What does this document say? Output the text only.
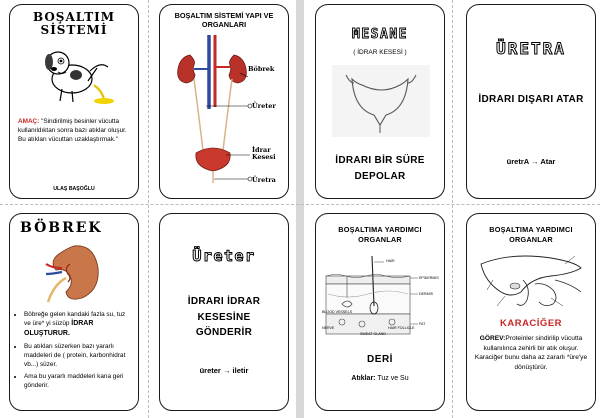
BOŞALTIM
SİSTEMİ
AMAÇ: "Sindirilmiş besinler vücutta kullanıldıktan sonra bazı atıklar oluşur. Bu atıkları vücuttan uzaklaştırmak."
ULAŞ BAŞOĞLU
BOŞALTIM SİSTEMİ YAPI VE ORGANLARI
Böbrek
Üreter
İdrar Kesesi
Üretra
BÖBREK
• Böbreğe gelen kandaki fazla su, tuz ve üre* yi süzüp İDRAR OLUŞTURUR.
• Bu atıkları süzerken bazı yararlı maddeleri de ( protein, karbonhidrat vb...) süzer.
• Ama bu yararlı maddeleri kana geri gönderir.
Üreter
İDRARI İDRAR KESESİNE GÖNDERİR
üreter → iletir
MESANE
( İDRAR KESESİ )
İDRARI BİR SÜRE DEPOLAR
ÜRETRA
İDRARI DIŞARI ATAR
üretrA → Atar
BOŞALTIMA YARDIMCI ORGANLAR
HAIR
EPIDERMIS
DERMIS
SWEAT GLAND
BLOOD VESSELS
NERVE	HAIR FOLLICLE
FAT
DERİ
Atıklar: Tuz ve Su
BOŞALTIMA YARDIMCI ORGANLAR
KARACİĞER
GÖREV:Proteinler sindirilip vücutta kullanılınca zehirli bir atık oluşur. Karaciğer bunu daha az zararlı *üre'ye dönüştürür.
